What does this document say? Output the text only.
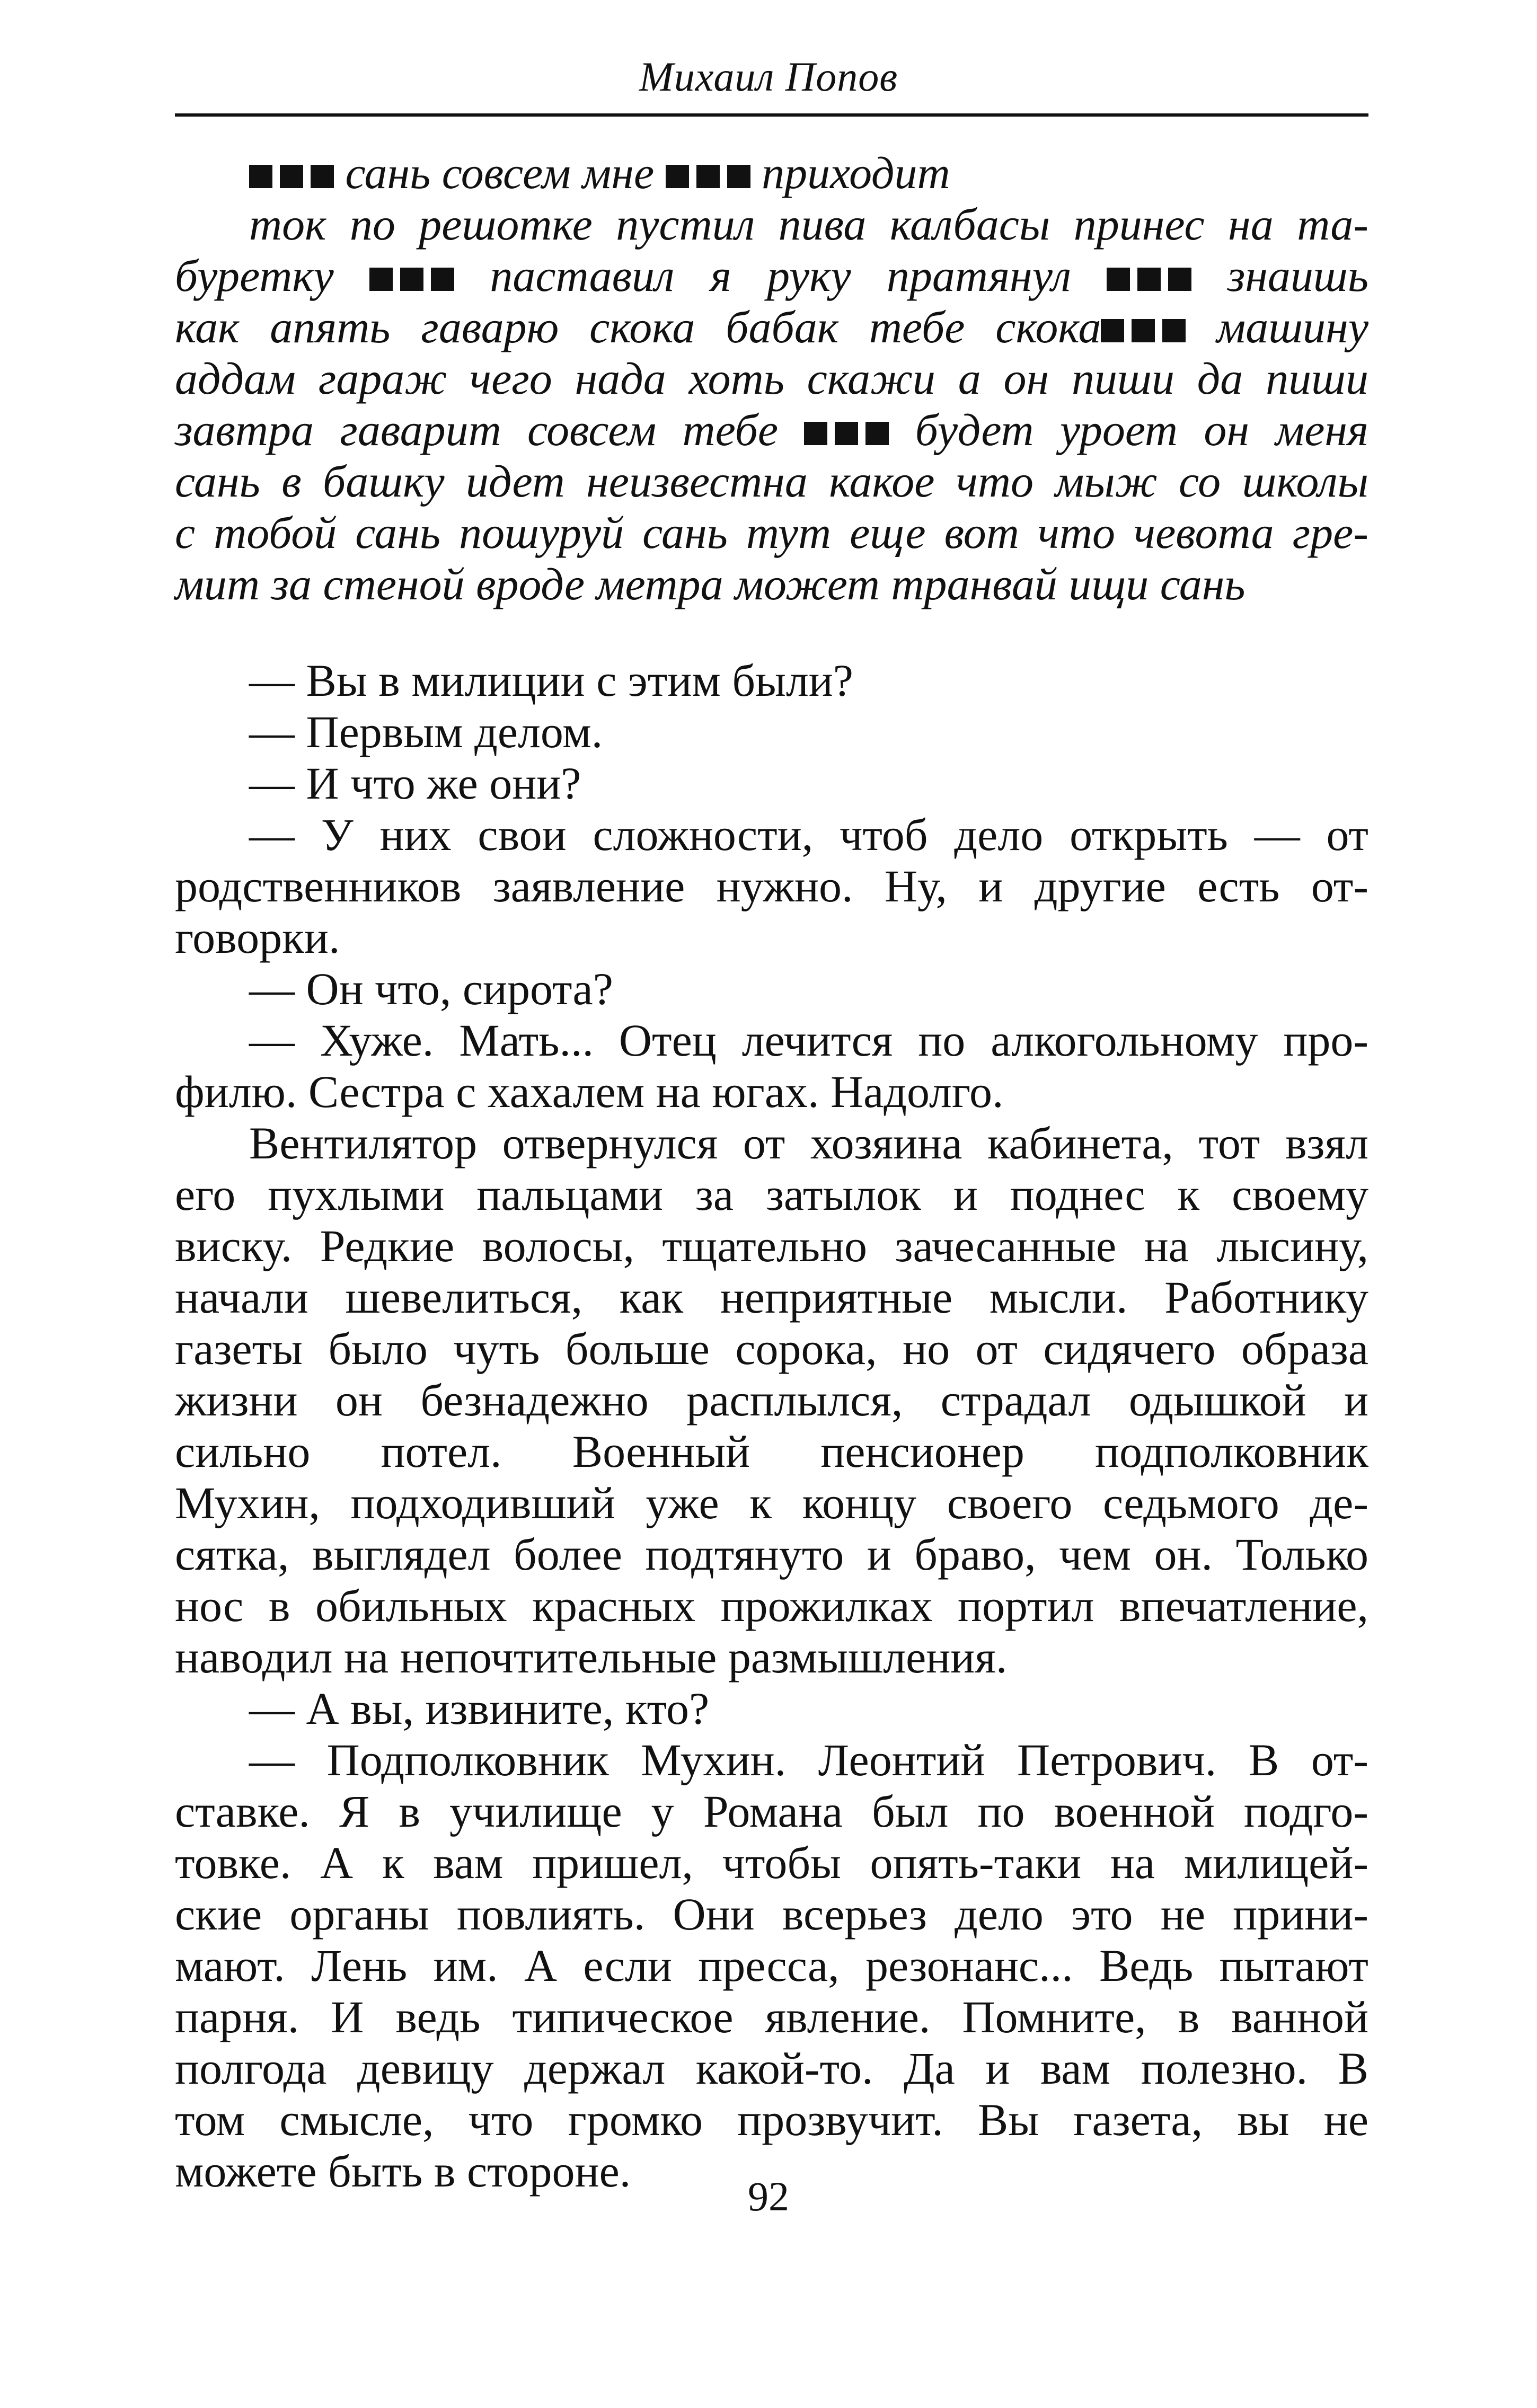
Михаил Попов
сань совсем мне  приходит
ток по решотке пустил пива калбасы принес на та-
буретку  паставил я руку пратянул  знаишь
как апять гаварю скока бабак тебе скока машину
аддам гараж чего нада хоть скажи а он пиши да пиши
завтра гаварит совсем тебе  будет уроет он меня
сань в башку идет неизвестна какое что мыж со школы
с тобой сань пошуруй сань тут еще вот что чевота гре-
мит за стеной вроде метра может транвай ищи сань
— Вы в милиции с этим были?
— Первым делом.
— И что же они?
— У них свои сложности, чтоб дело открыть — от
родственников заявление нужно. Ну, и другие есть от-
говорки.
— Он что, сирота?
— Хуже. Мать... Отец лечится по алкогольному про-
филю. Сестра с хахалем на югах. Надолго.
Вентилятор отвернулся от хозяина кабинета, тот взял
его пухлыми пальцами за затылок и поднес к своему
виску. Редкие волосы, тщательно зачесанные на лысину,
начали шевелиться, как неприятные мысли. Работнику
газеты было чуть больше сорока, но от сидячего образа
жизни он безнадежно расплылся, страдал одышкой и
сильно потел. Военный пенсионер подполковник
Мухин, подходивший уже к концу своего седьмого де-
сятка, выглядел более подтянуто и браво, чем он. Только
нос в обильных красных прожилках портил впечатление,
наводил на непочтительные размышления.
— А вы, извините, кто?
— Подполковник Мухин. Леонтий Петрович. В от-
ставке. Я в училище у Романа был по военной подго-
товке. А к вам пришел, чтобы опять-таки на милицей-
ские органы повлиять. Они всерьез дело это не прини-
мают. Лень им. А если пресса, резонанс... Ведь пытают
парня. И ведь типическое явление. Помните, в ванной
полгода девицу держал какой-то. Да и вам полезно. В
том смысле, что громко прозвучит. Вы газета, вы не
можете быть в стороне.	92
